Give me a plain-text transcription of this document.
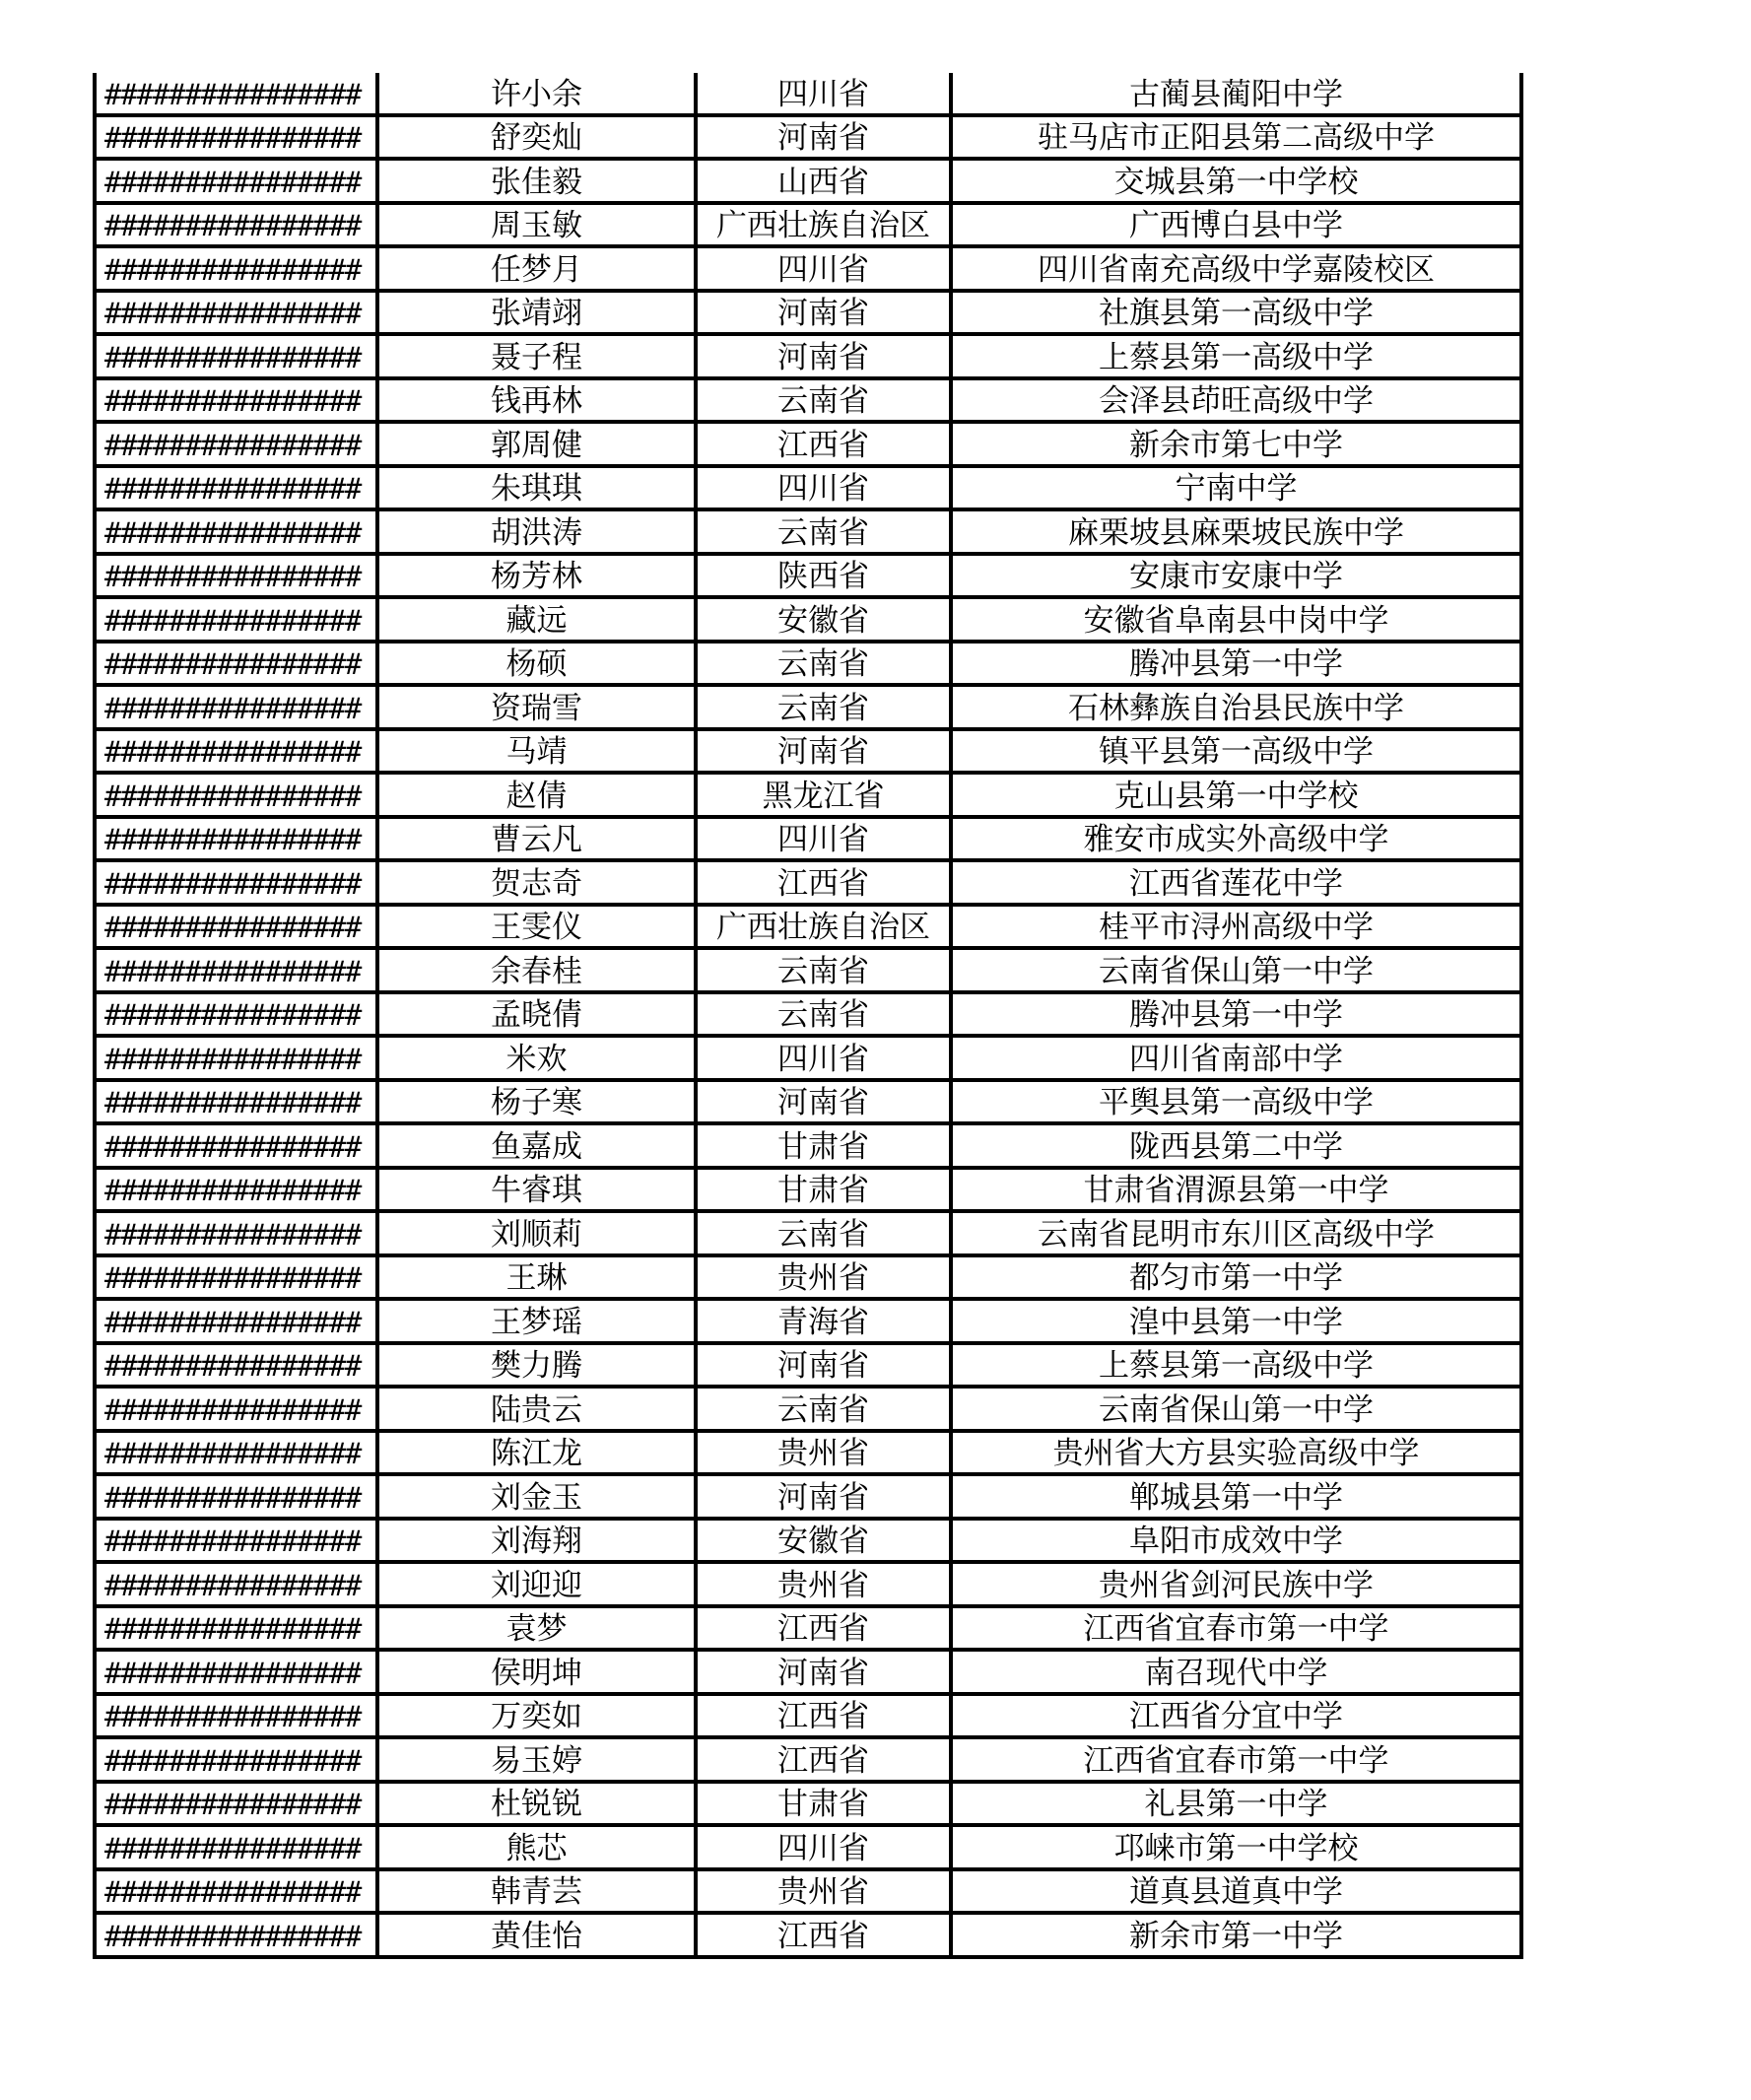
################	许小余	四川省	古蔺县蔺阳中学
################	舒奕灿	河南省	驻马店市正阳县第二高级中学
################	张佳毅	山西省	交城县第一中学校
################	周玉敏	广西壮族自治区	广西博白县中学
################	任梦月	四川省	四川省南充高级中学嘉陵校区
################	张靖翊	河南省	社旗县第一高级中学
################	聂子程	河南省	上蔡县第一高级中学
################	钱再林	云南省	会泽县茚旺高级中学
################	郭周健	江西省	新余市第七中学
################	朱琪琪	四川省	宁南中学
################	胡洪涛	云南省	麻栗坡县麻栗坡民族中学
################	杨芳林	陕西省	安康市安康中学
################	藏远	安徽省	安徽省阜南县中岗中学
################	杨硕	云南省	腾冲县第一中学
################	资瑞雪	云南省	石林彝族自治县民族中学
################	马靖	河南省	镇平县第一高级中学
################	赵倩	黑龙江省	克山县第一中学校
################	曹云凡	四川省	雅安市成实外高级中学
################	贺志奇	江西省	江西省莲花中学
################	王雯仪	广西壮族自治区	桂平市浔州高级中学
################	余春桂	云南省	云南省保山第一中学
################	孟晓倩	云南省	腾冲县第一中学
################	米欢	四川省	四川省南部中学
################	杨子寒	河南省	平舆县第一高级中学
################	鱼嘉成	甘肃省	陇西县第二中学
################	牛睿琪	甘肃省	甘肃省渭源县第一中学
################	刘顺莉	云南省	云南省昆明市东川区高级中学
################	王琳	贵州省	都匀市第一中学
################	王梦瑶	青海省	湟中县第一中学
################	樊力腾	河南省	上蔡县第一高级中学
################	陆贵云	云南省	云南省保山第一中学
################	陈江龙	贵州省	贵州省大方县实验高级中学
################	刘金玉	河南省	郸城县第一中学
################	刘海翔	安徽省	阜阳市成效中学
################	刘迎迎	贵州省	贵州省剑河民族中学
################	袁梦	江西省	江西省宜春市第一中学
################	侯明坤	河南省	南召现代中学
################	万奕如	江西省	江西省分宜中学
################	易玉婷	江西省	江西省宜春市第一中学
################	杜锐锐	甘肃省	礼县第一中学
################	熊芯	四川省	邛崃市第一中学校
################	韩青芸	贵州省	道真县道真中学
################	黄佳怡	江西省	新余市第一中学
